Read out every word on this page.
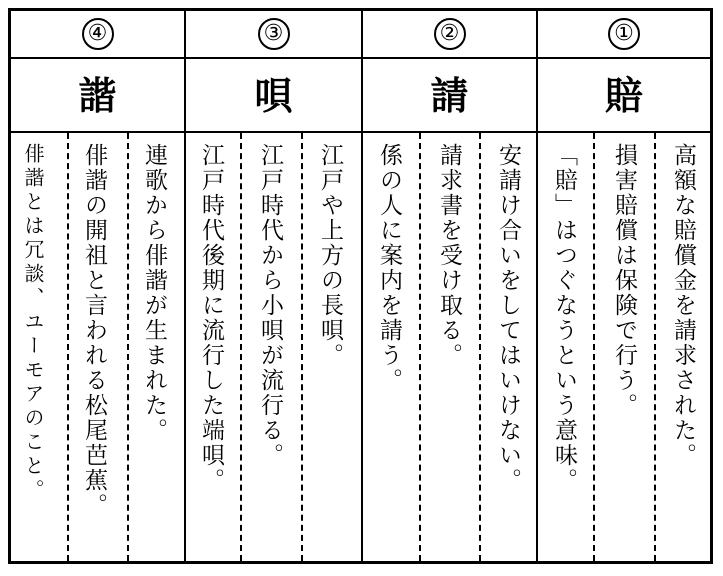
④
諧
俳諧とは冗談、ユーモアのこと。 俳諧の開祖と言われる松尾芭蕉。 連歌から俳諧が生まれた。
③
唄
江戸時代後期に流行した端唄。 江戸時代から小唄が流行る。 江戸や上方の長唄。
②
請
係の人に案内を請う。 請求書を受け取る。 安請け合いをしてはいけない。
①
賠
「賠」はつぐなうという意味。 損害賠償は保険で行う。 高額な賠償金を請求された。
